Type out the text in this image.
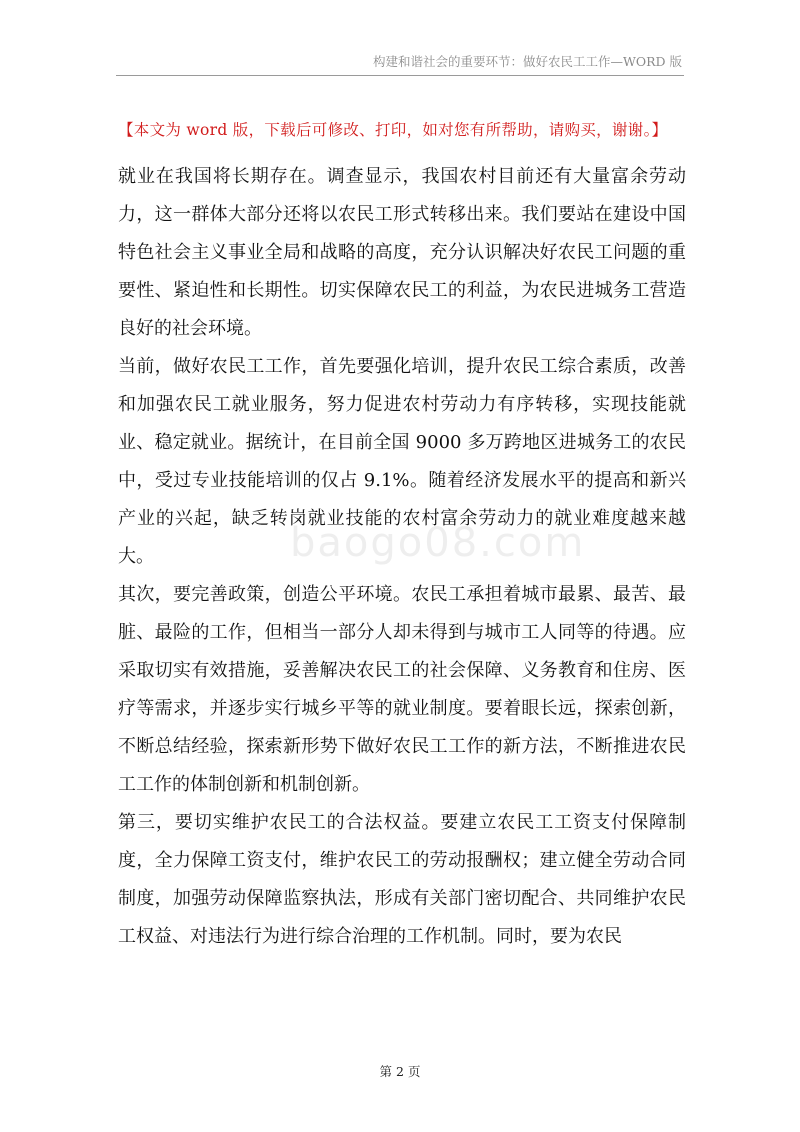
构建和谐社会的重要环节：做好农民工工作—WORD 版
【本文为 word 版，下载后可修改、打印，如对您有所帮助，请购买，谢谢。】

就业在我国将长期存在。调查显示，我国农村目前还有大量富余劳动力，这一群体大部分还将以农民工形式转移出来。我们要站在建设中国特色社会主义事业全局和战略的高度，充分认识解决好农民工问题的重要性、紧迫性和长期性。切实保障农民工的利益，为农民进城务工营造良好的社会环境。

当前，做好农民工工作，首先要强化培训，提升农民工综合素质，改善和加强农民工就业服务，努力促进农村劳动力有序转移，实现技能就业、稳定就业。据统计，在目前全国 9000 多万跨地区进城务工的农民中，受过专业技能培训的仅占 9.1%。随着经济发展水平的提高和新兴产业的兴起，缺乏转岗就业技能的农村富余劳动力的就业难度越来越大。

其次，要完善政策，创造公平环境。农民工承担着城市最累、最苦、最脏、最险的工作，但相当一部分人却未得到与城市工人同等的待遇。应采取切实有效措施，妥善解决农民工的社会保障、义务教育和住房、医疗等需求，并逐步实行城乡平等的就业制度。要着眼长远，探索创新，不断总结经验，探索新形势下做好农民工工作的新方法，不断推进农民工工作的体制创新和机制创新。

第三，要切实维护农民工的合法权益。要建立农民工工资支付保障制度，全力保障工资支付，维护农民工的劳动报酬权；建立健全劳动合同制度，加强劳动保障监察执法，形成有关部门密切配合、共同维护农民工权益、对违法行为进行综合治理的工作机制。同时，要为农民

baogo08.com
第 2 页
